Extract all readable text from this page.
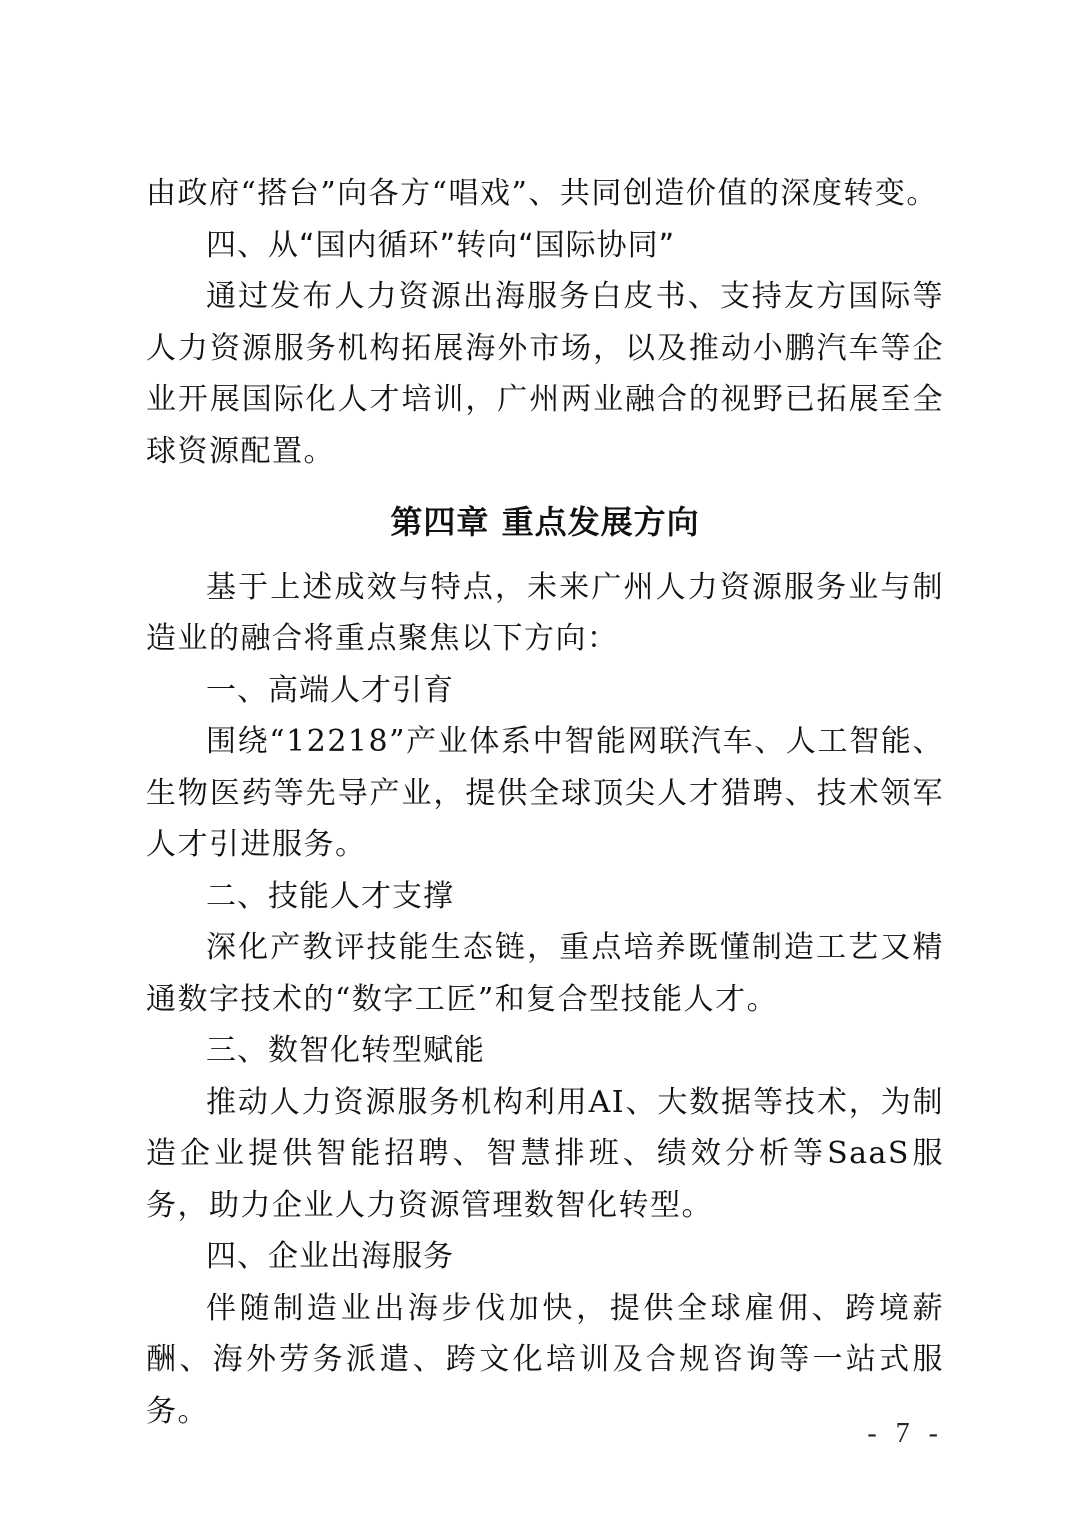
由政府“搭台”向各方“唱戏”、共同创造价值的深度转变。

四、从“国内循环”转向“国际协同”

通过发布人力资源出海服务白皮书、支持友方国际等人力资源服务机构拓展海外市场，以及推动小鹏汽车等企业开展国际化人才培训，广州两业融合的视野已拓展至全球资源配置。

第四章 重点发展方向

基于上述成效与特点，未来广州人力资源服务业与制造业的融合将重点聚焦以下方向：

一、高端人才引育

围绕“12218”产业体系中智能网联汽车、人工智能、生物医药等先导产业，提供全球顶尖人才猎聘、技术领军人才引进服务。

二、技能人才支撑

深化产教评技能生态链，重点培养既懂制造工艺又精通数字技术的“数字工匠”和复合型技能人才。

三、数智化转型赋能

推动人力资源服务机构利用AI、大数据等技术，为制造企业提供智能招聘、智慧排班、绩效分析等SaaS服务，助力企业人力资源管理数智化转型。

四、企业出海服务

伴随制造业出海步伐加快，提供全球雇佣、跨境薪酬、海外劳务派遣、跨文化培训及合规咨询等一站式服务。

- 7 -
